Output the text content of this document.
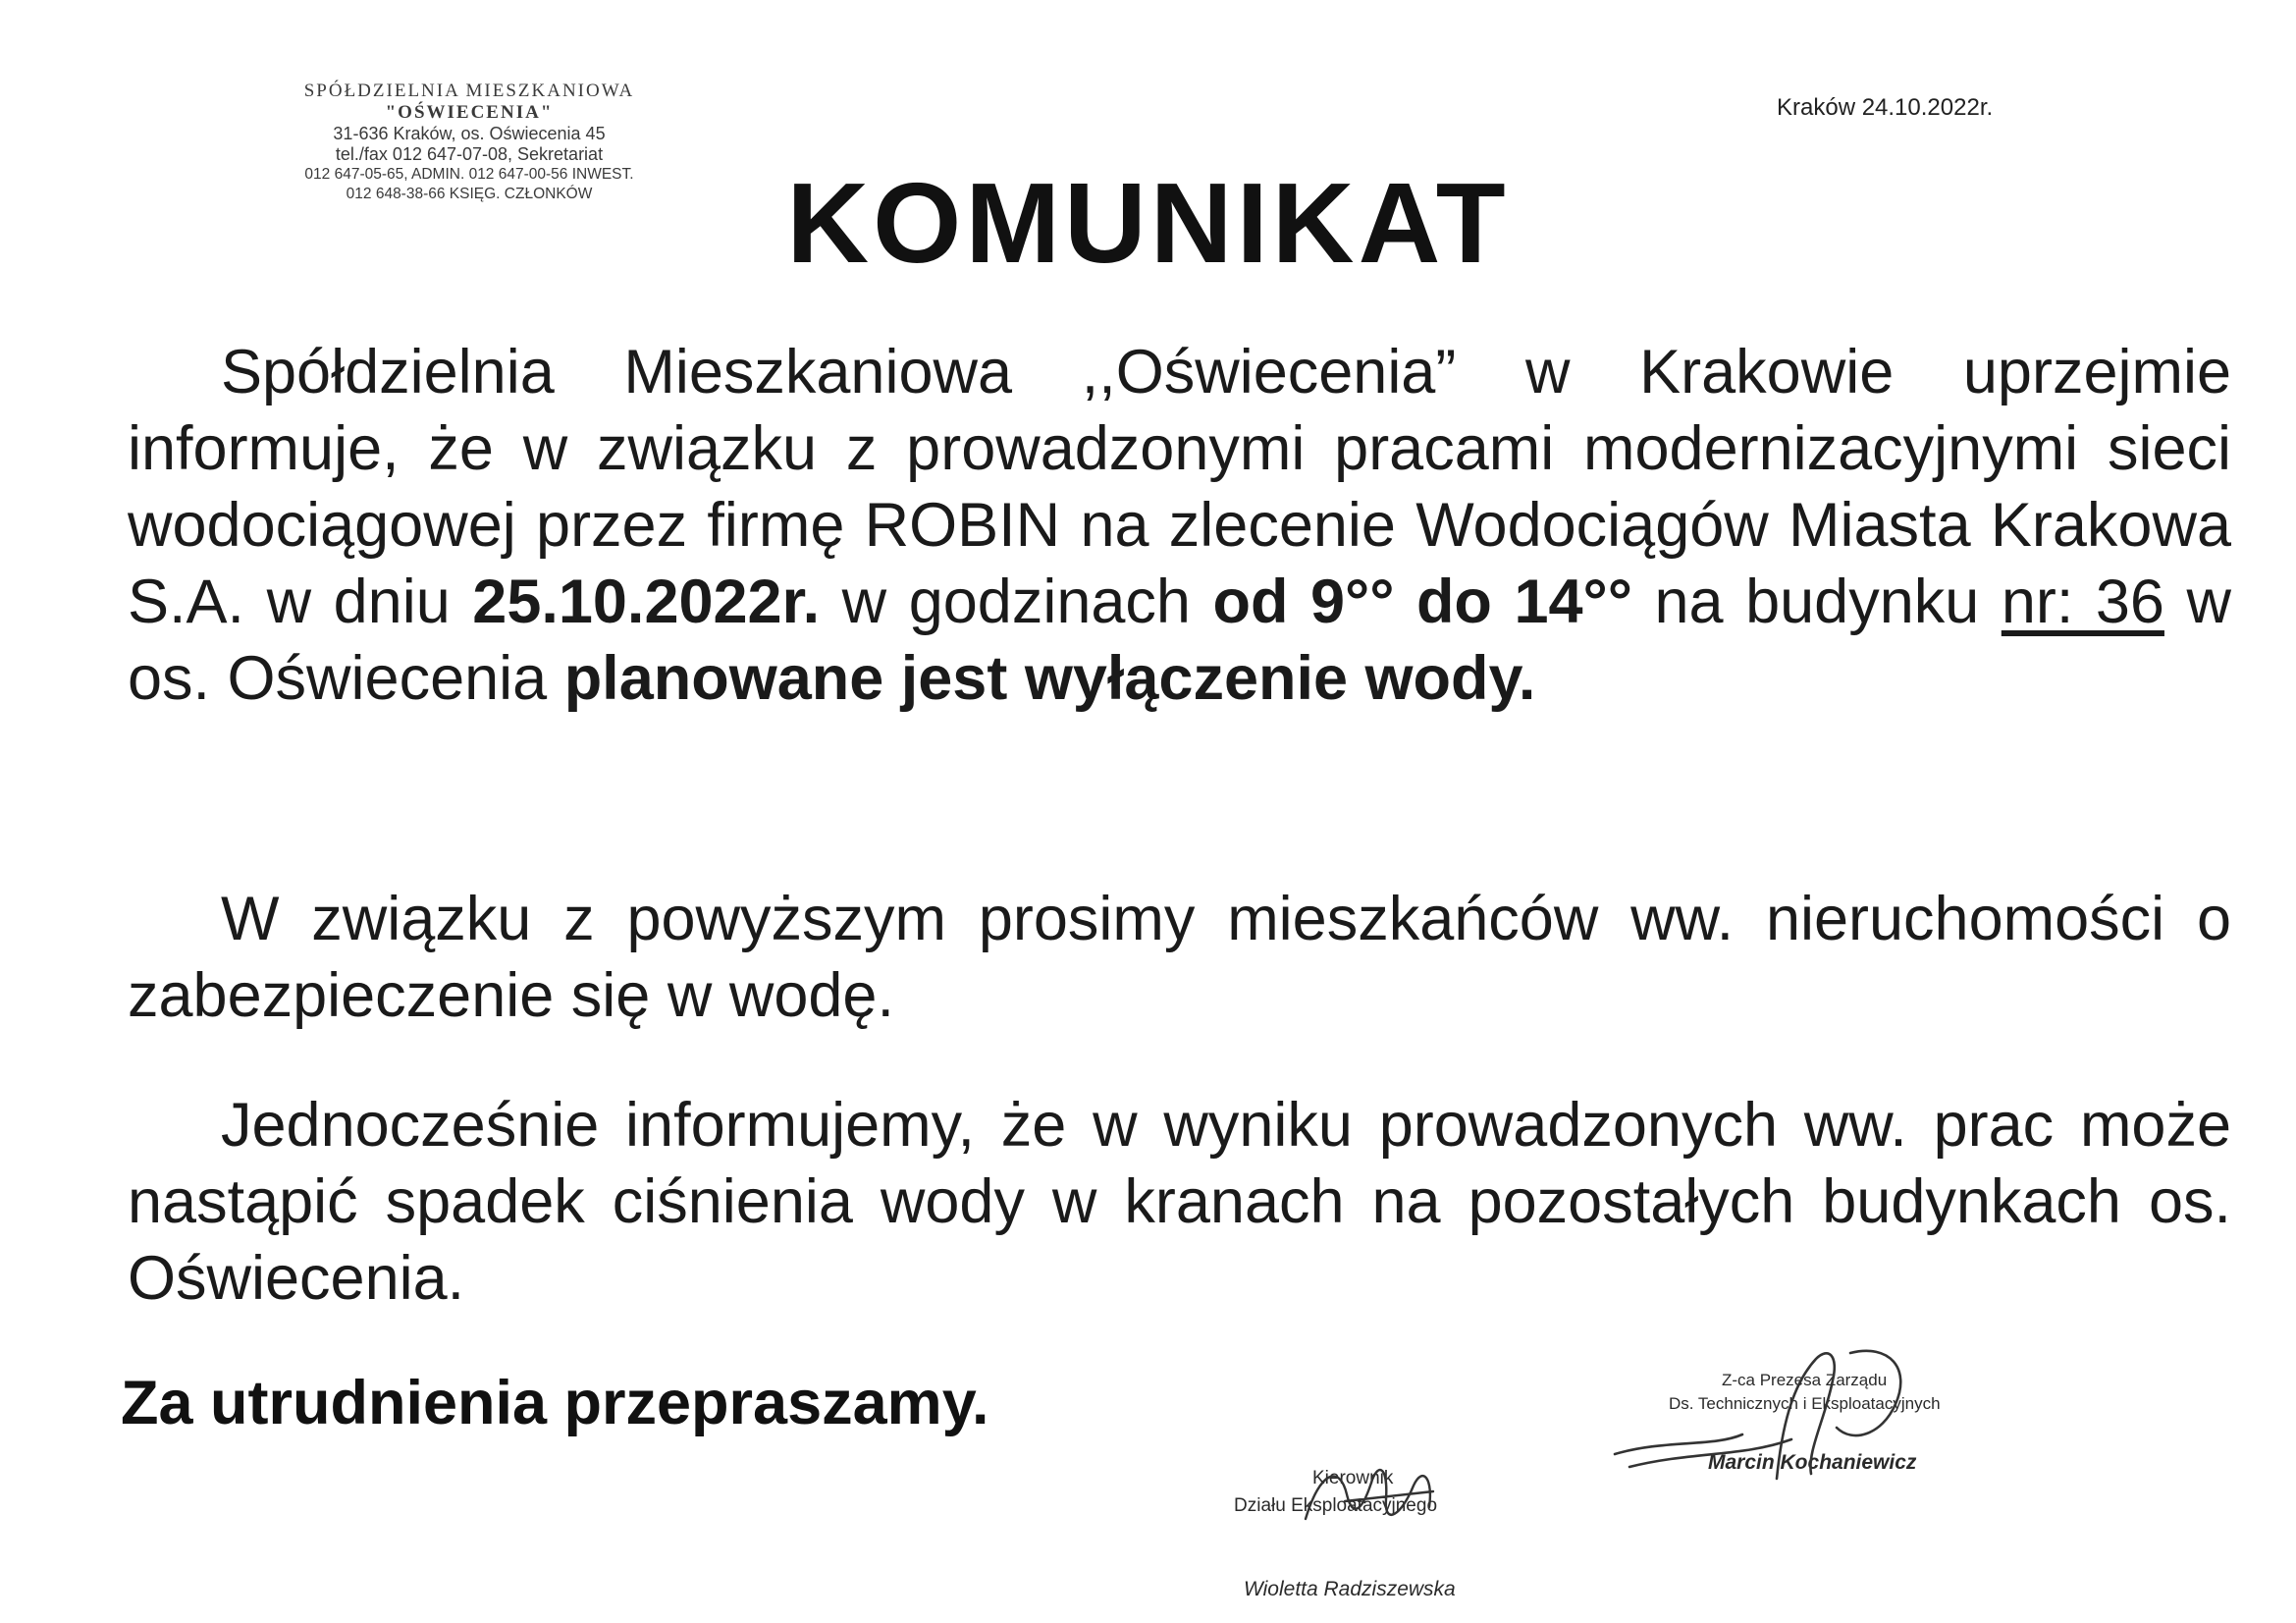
SPÓŁDZIELNIA MIESZKANIOWA
"OŚWIECENIA"
31-636 Kraków, os. Oświecenia 45
tel./fax 012 647-07-08, Sekretariat
012 647-05-65, ADMIN. 012 647-00-56 INWEST.
012 648-38-66 KSIĘG. CZŁONKÓW
Kraków 24.10.2022r.
KOMUNIKAT
Spółdzielnia Mieszkaniowa ,,Oświecenia” w Krakowie uprzejmie informuje, że w związku z prowadzonymi pracami modernizacyjnymi sieci wodociągowej przez firmę ROBIN na zlecenie Wodociągów Miasta Krakowa S.A. w dniu 25.10.2022r. w godzinach od 9°° do 14°° na budynku nr: 36 w os. Oświecenia planowane jest wyłączenie wody.
W związku z powyższym prosimy mieszkańców ww. nieruchomości o zabezpieczenie się w wodę.
Jednocześnie informujemy, że w wyniku prowadzonych ww. prac może nastąpić spadek ciśnienia wody w kranach na pozostałych budynkach os. Oświecenia.
Za utrudnienia przepraszamy.
Kierownik
Działu Eksploatacyjnego
Wioletta Radziszewska
Z-ca Prezesa Zarządu
Ds. Technicznych i Eksploatacyjnych
Marcin Kochaniewicz
